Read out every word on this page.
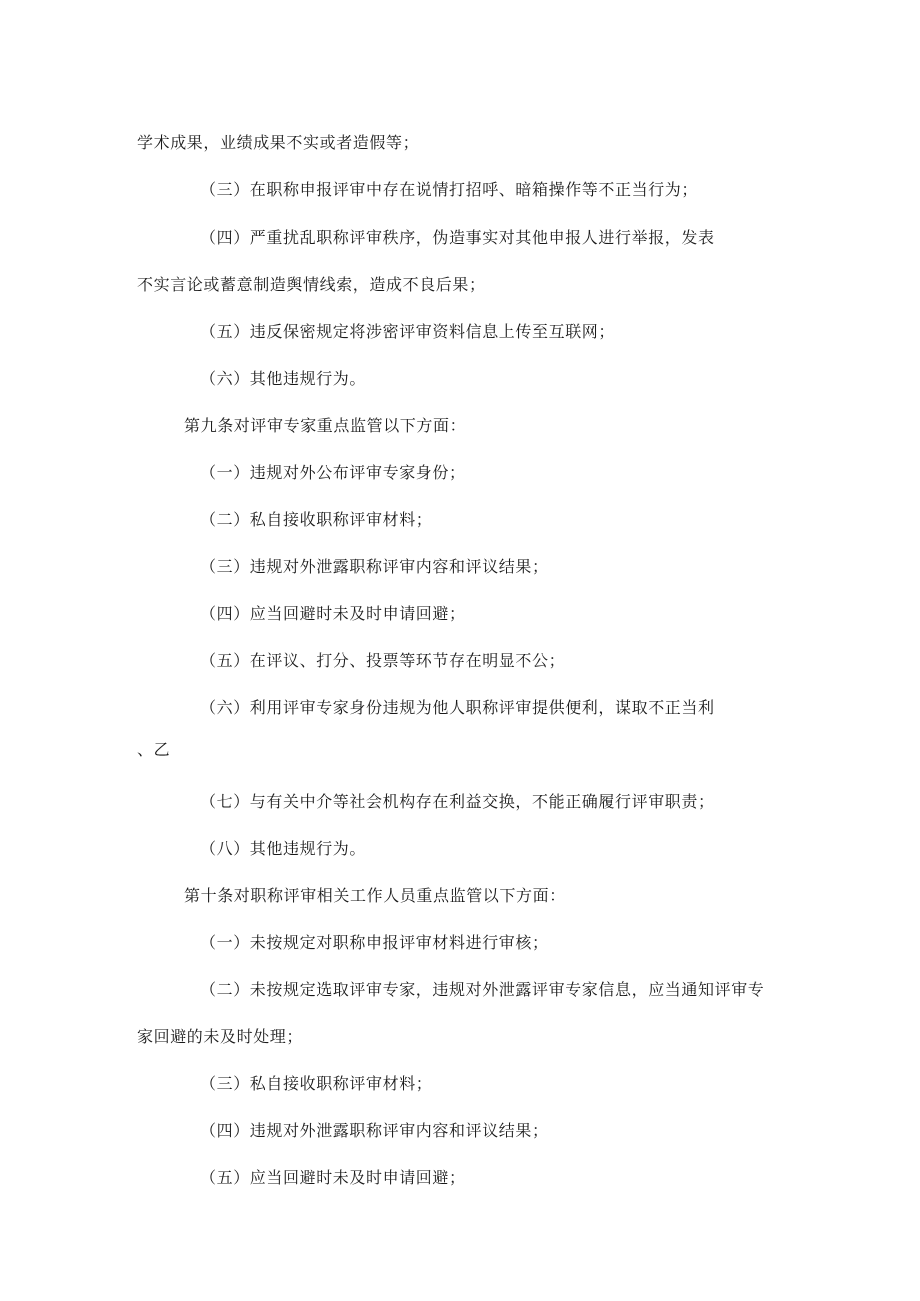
学术成果，业绩成果不实或者造假等；
（三）在职称申报评审中存在说情打招呼、暗箱操作等不正当行为；
（四）严重扰乱职称评审秩序，伪造事实对其他申报人进行举报，发表
不实言论或蓄意制造舆情线索，造成不良后果；
（五）违反保密规定将涉密评审资料信息上传至互联网；
（六）其他违规行为。
第九条对评审专家重点监管以下方面：
（一）违规对外公布评审专家身份；
（二）私自接收职称评审材料；
（三）违规对外泄露职称评审内容和评议结果；
（四）应当回避时未及时申请回避；
（五）在评议、打分、投票等环节存在明显不公；
（六）利用评审专家身份违规为他人职称评审提供便利，谋取不正当利
、乙
（七）与有关中介等社会机构存在利益交换，不能正确履行评审职责；
（八）其他违规行为。
第十条对职称评审相关工作人员重点监管以下方面：
（一）未按规定对职称申报评审材料进行审核；
（二）未按规定选取评审专家，违规对外泄露评审专家信息，应当通知评审专
家回避的未及时处理；
（三）私自接收职称评审材料；
（四）违规对外泄露职称评审内容和评议结果；
（五）应当回避时未及时申请回避；
